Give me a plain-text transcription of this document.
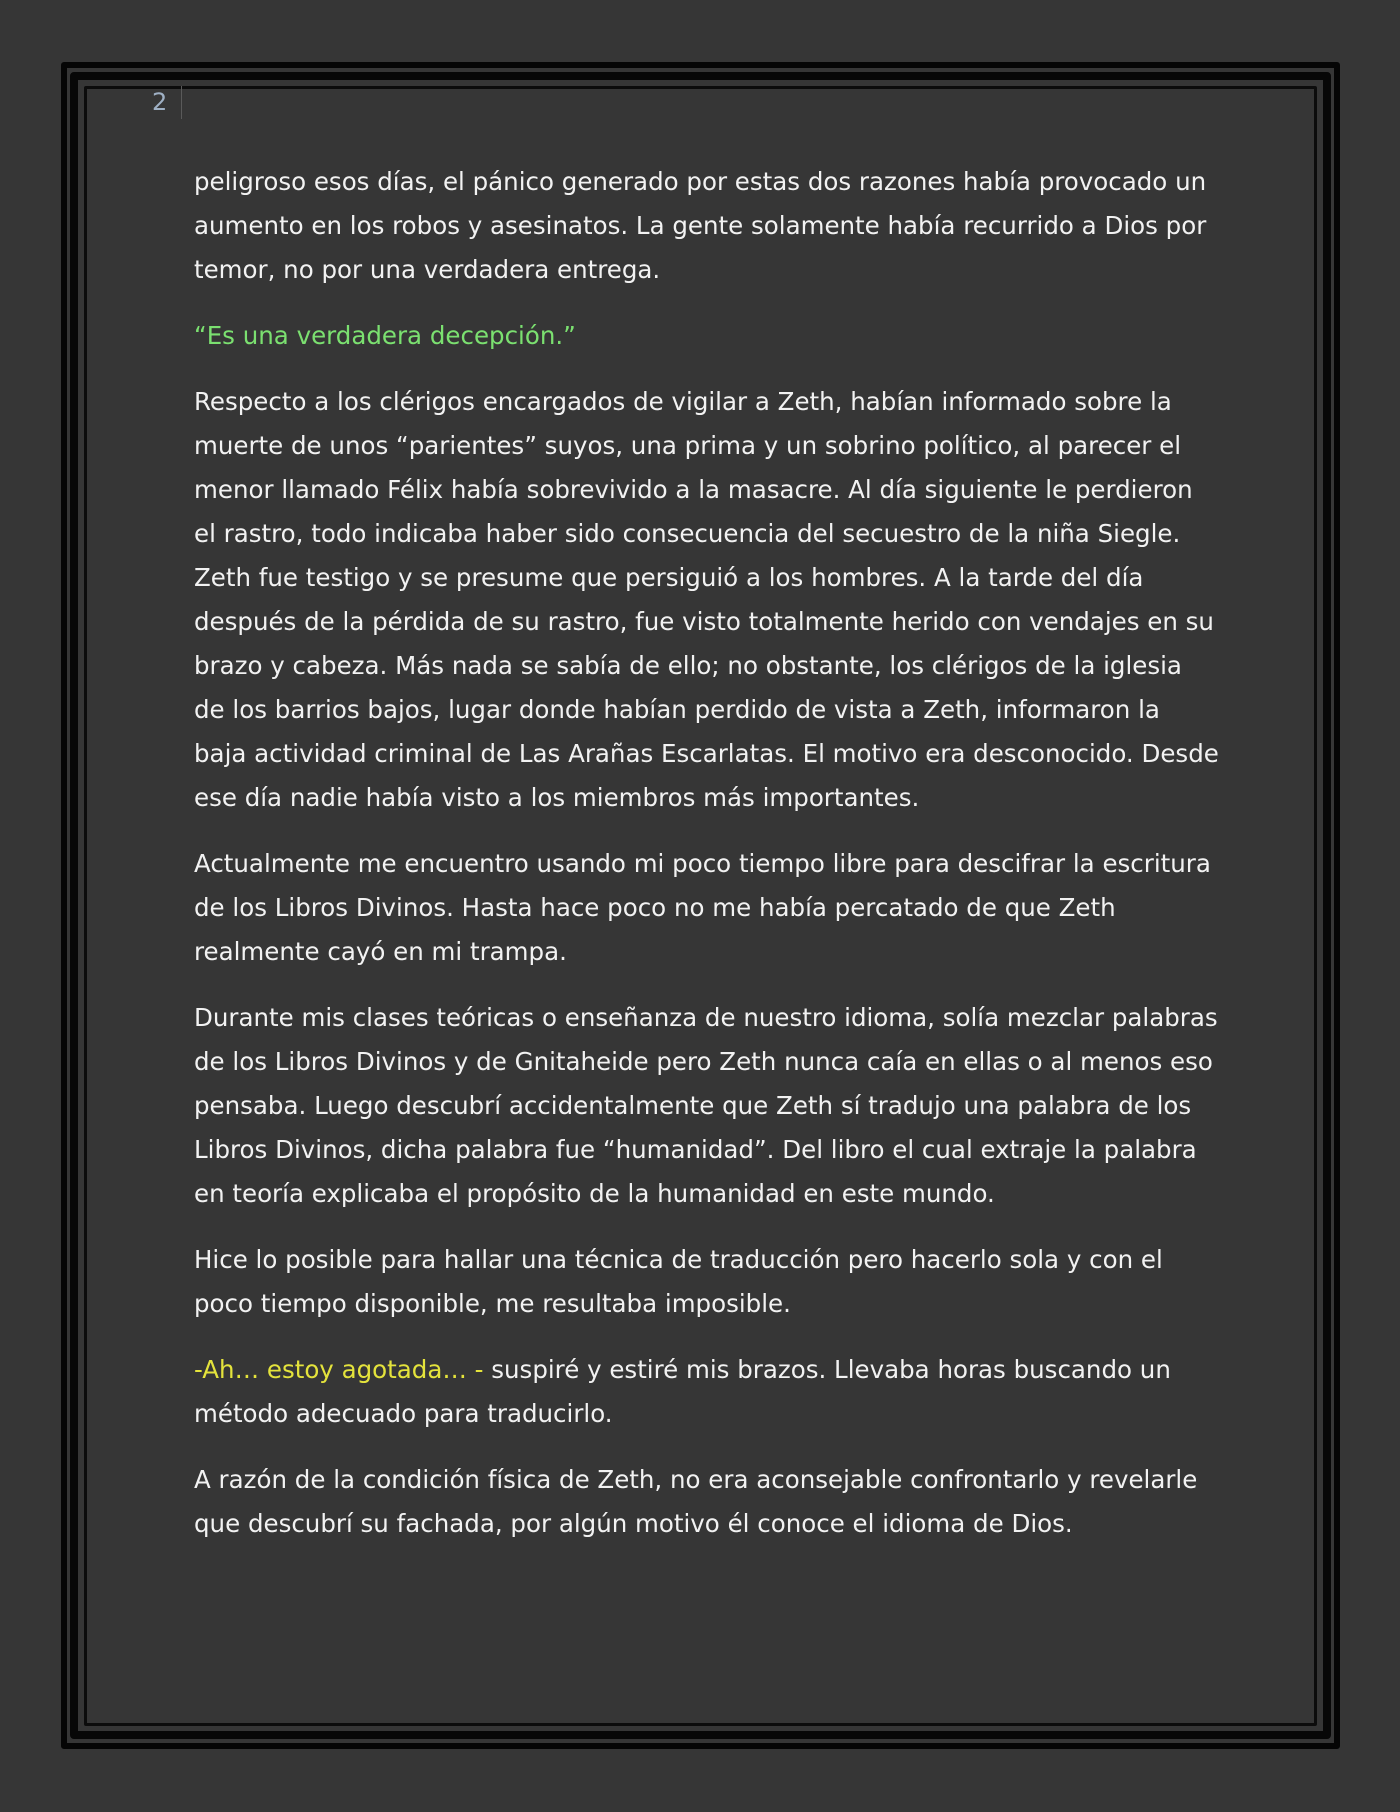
2

peligroso esos días, el pánico generado por estas dos razones había provocado un aumento en los robos y asesinatos. La gente solamente había recurrido a Dios por temor, no por una verdadera entrega.

“Es una verdadera decepción.”

Respecto a los clérigos encargados de vigilar a Zeth, habían informado sobre la muerte de unos “parientes” suyos, una prima y un sobrino político, al parecer el menor llamado Félix había sobrevivido a la masacre. Al día siguiente le perdieron el rastro, todo indicaba haber sido consecuencia del secuestro de la niña Siegle. Zeth fue testigo y se presume que persiguió a los hombres. A la tarde del día después de la pérdida de su rastro, fue visto totalmente herido con vendajes en su brazo y cabeza. Más nada se sabía de ello; no obstante, los clérigos de la iglesia de los barrios bajos, lugar donde habían perdido de vista a Zeth, informaron la baja actividad criminal de Las Arañas Escarlatas. El motivo era desconocido. Desde ese día nadie había visto a los miembros más importantes.

Actualmente me encuentro usando mi poco tiempo libre para descifrar la escritura de los Libros Divinos. Hasta hace poco no me había percatado de que Zeth realmente cayó en mi trampa.

Durante mis clases teóricas o enseñanza de nuestro idioma, solía mezclar palabras de los Libros Divinos y de Gnitaheide pero Zeth nunca caía en ellas o al menos eso pensaba. Luego descubrí accidentalmente que Zeth sí tradujo una palabra de los Libros Divinos, dicha palabra fue “humanidad”. Del libro el cual extraje la palabra en teoría explicaba el propósito de la humanidad en este mundo.

Hice lo posible para hallar una técnica de traducción pero hacerlo sola y con el poco tiempo disponible, me resultaba imposible.

-Ah… estoy agotada… - suspiré y estiré mis brazos. Llevaba horas buscando un método adecuado para traducirlo.

A razón de la condición física de Zeth, no era aconsejable confrontarlo y revelarle que descubrí su fachada, por algún motivo él conoce el idioma de Dios.
